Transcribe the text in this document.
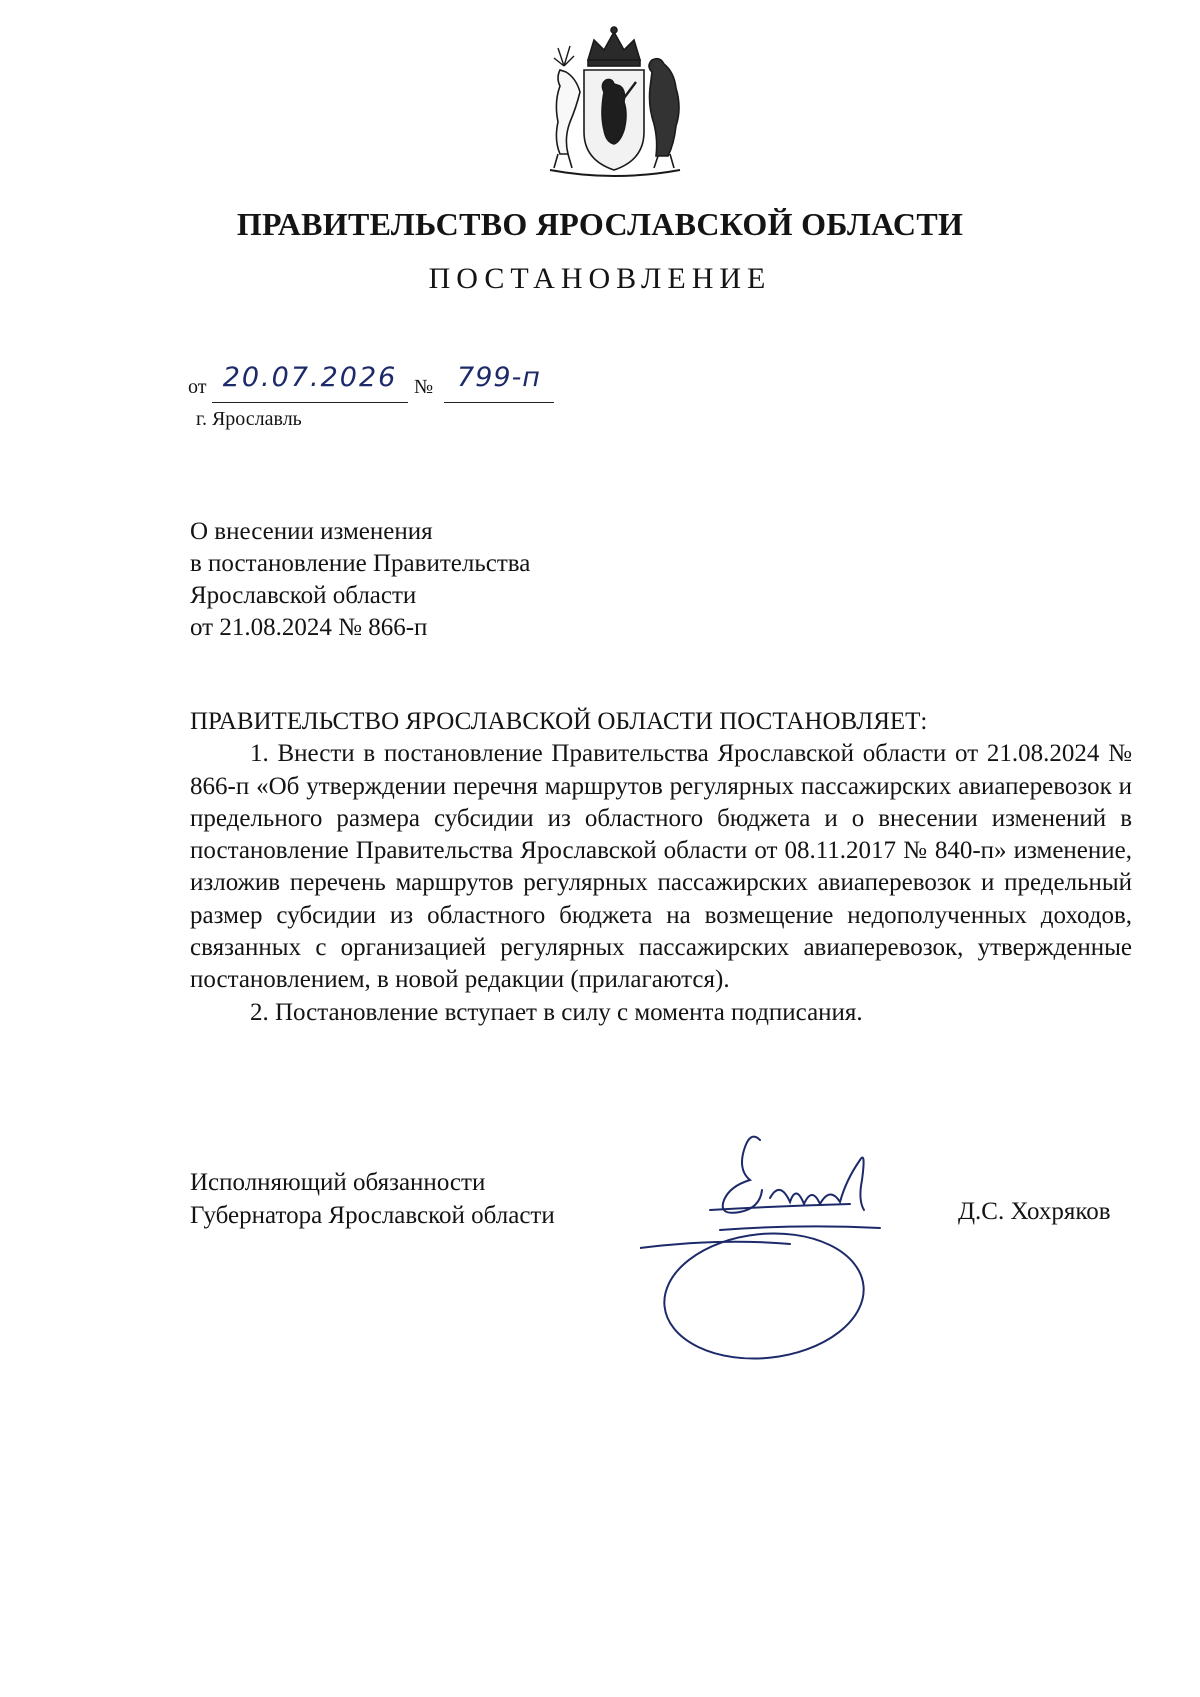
ПРАВИТЕЛЬСТВО ЯРОСЛАВСКОЙ ОБЛАСТИ
ПОСТАНОВЛЕНИЕ
от 20.07.2026 № 799-п
г. Ярославль
О внесении изменения
в постановление Правительства
Ярославской области
от 21.08.2024 № 866-п

ПРАВИТЕЛЬСТВО ЯРОСЛАВСКОЙ ОБЛАСТИ ПОСТАНОВЛЯЕТ:

1. Внести в постановление Правительства Ярославской области от 21.08.2024 № 866-п «Об утверждении перечня маршрутов регулярных пассажирских авиаперевозок и предельного размера субсидии из областного бюджета и о внесении изменений в постановление Правительства Ярославской области от 08.11.2017 № 840-п» изменение, изложив перечень маршрутов регулярных пассажирских авиаперевозок и предельный размер субсидии из областного бюджета на возмещение недополученных доходов, связанных с организацией регулярных пассажирских авиаперевозок, утвержденные постановлением, в новой редакции (прилагаются).

2. Постановление вступает в силу с момента подписания.

Исполняющий обязанности
Губернатора Ярославской области	Д.С. Хохряков
